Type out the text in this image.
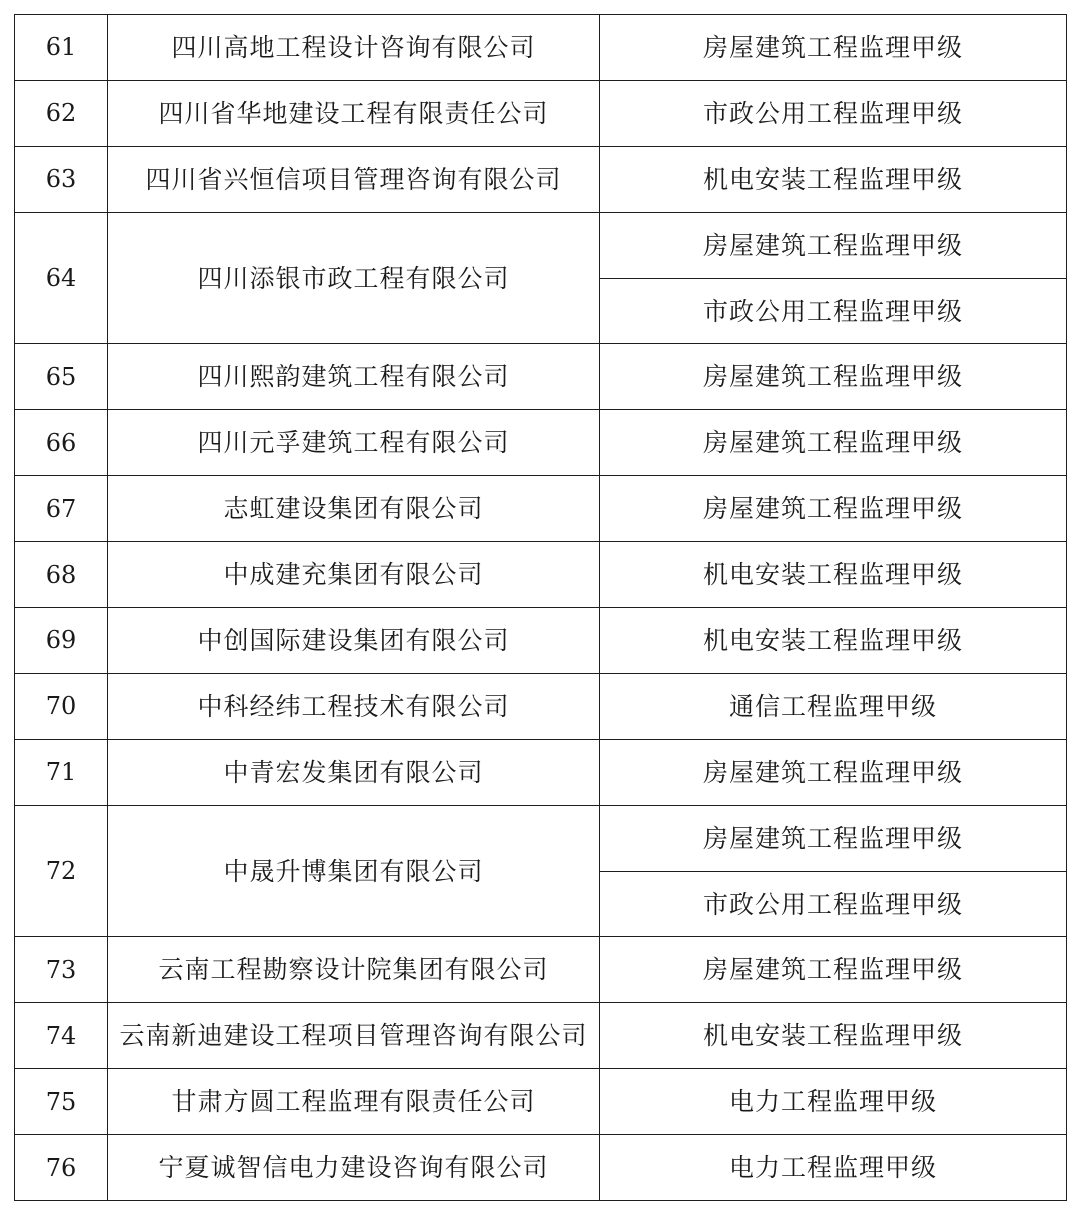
61	四川高地工程设计咨询有限公司	房屋建筑工程监理甲级
62	四川省华地建设工程有限责任公司	市政公用工程监理甲级
63	四川省兴恒信项目管理咨询有限公司	机电安装工程监理甲级
64	四川添银市政工程有限公司	房屋建筑工程监理甲级
		市政公用工程监理甲级
65	四川熙韵建筑工程有限公司	房屋建筑工程监理甲级
66	四川元孚建筑工程有限公司	房屋建筑工程监理甲级
67	志虹建设集团有限公司	房屋建筑工程监理甲级
68	中成建充集团有限公司	机电安装工程监理甲级
69	中创国际建设集团有限公司	机电安装工程监理甲级
70	中科经纬工程技术有限公司	通信工程监理甲级
71	中青宏发集团有限公司	房屋建筑工程监理甲级
72	中晟升博集团有限公司	房屋建筑工程监理甲级
		市政公用工程监理甲级
73	云南工程勘察设计院集团有限公司	房屋建筑工程监理甲级
74	云南新迪建设工程项目管理咨询有限公司	机电安装工程监理甲级
75	甘肃方圆工程监理有限责任公司	电力工程监理甲级
76	宁夏诚智信电力建设咨询有限公司	电力工程监理甲级
